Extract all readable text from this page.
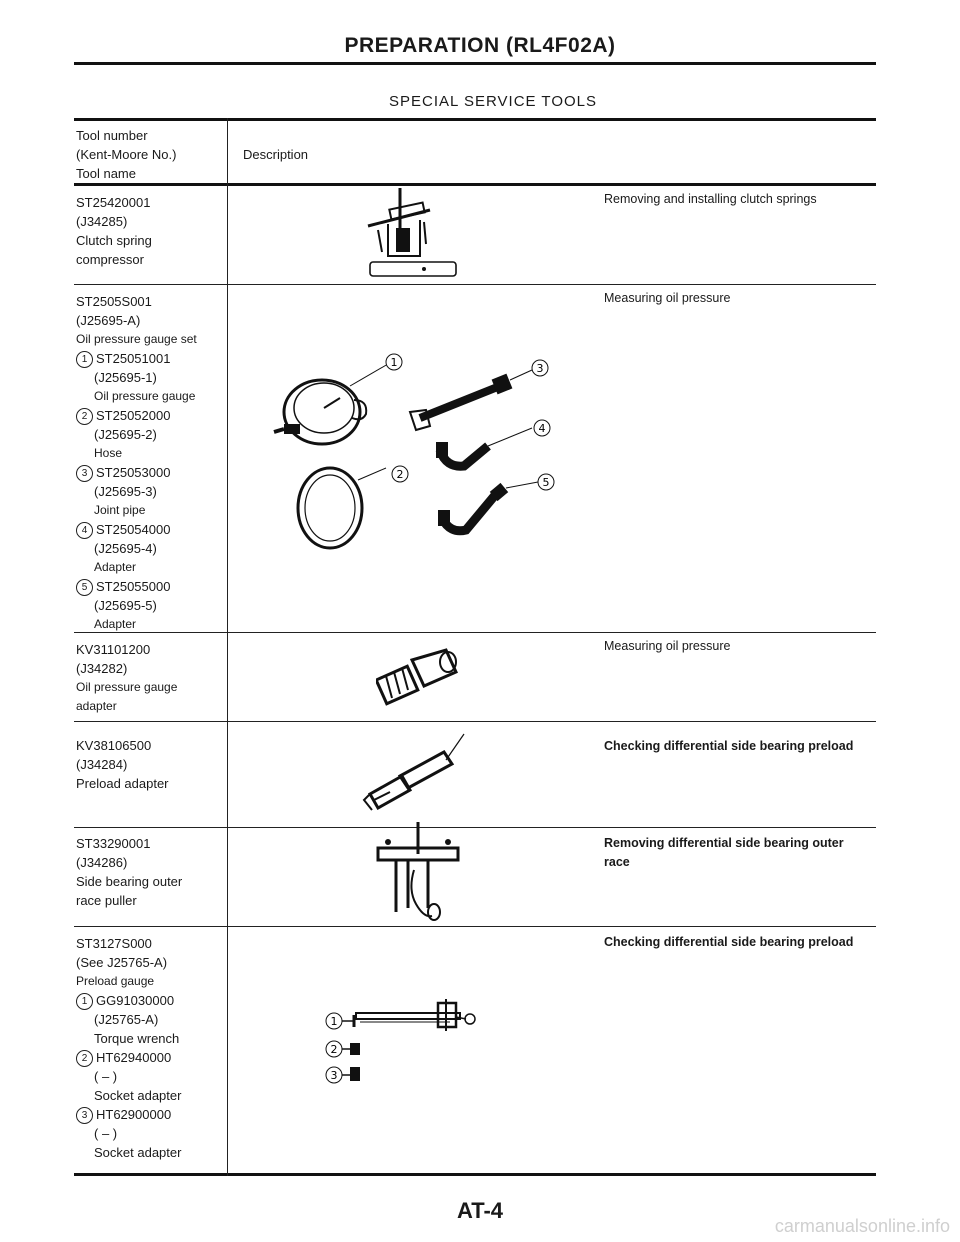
PREPARATION (RL4F02A)
SPECIAL SERVICE TOOLS
Tool number
(Kent-Moore No.)
Tool name
Description
ST25420001
(J34285)
Clutch spring
compressor
Removing and installing clutch springs
ST2505S001
(J25695-A)
Oil pressure gauge set
1 ST25051001
(J25695-1)
Oil pressure gauge
2 ST25052000
(J25695-2)
Hose
3 ST25053000
(J25695-3)
Joint pipe
4 ST25054000
(J25695-4)
Adapter
5 ST25055000
(J25695-5)
Adapter
1
2
3
4
5
Measuring oil pressure
KV31101200
(J34282)
Oil pressure gauge
adapter
Measuring oil pressure
KV38106500
(J34284)
Preload adapter
Checking differential side bearing preload
ST33290001
(J34286)
Side bearing outer
race puller
Removing differential side bearing outer
race
ST3127S000
(See J25765-A)
Preload gauge
1 GG91030000
(J25765-A)
Torque wrench
2 HT62940000
( – )
Socket adapter
3 HT62900000
( – )
Socket adapter
1
2
3
Checking differential side bearing preload
AT-4
carmanualsonline.info
